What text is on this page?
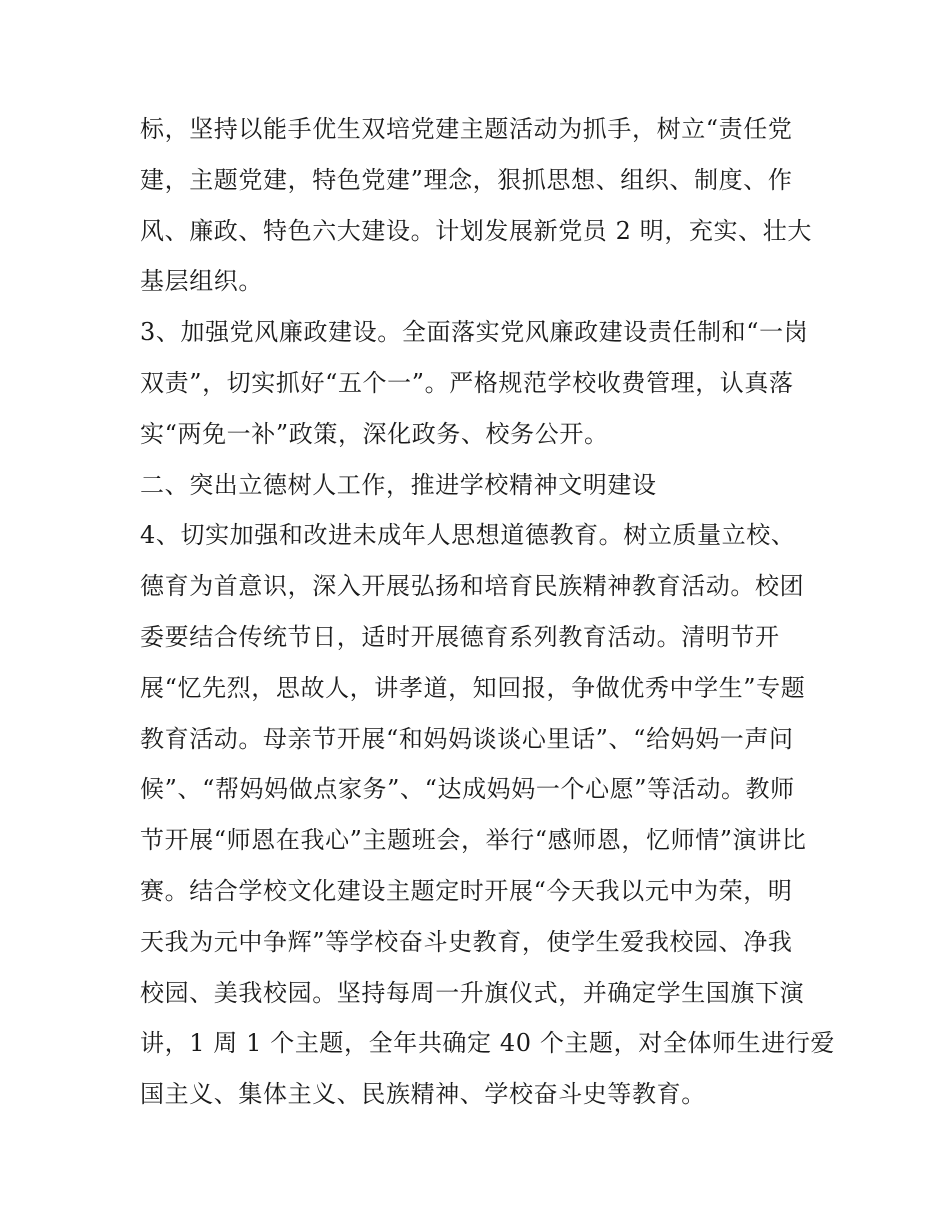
标，坚持以能手优生双培党建主题活动为抓手，树立“责任党
建，主题党建，特色党建”理念，狠抓思想、组织、制度、作
风、廉政、特色六大建设。计划发展新党员 2 明，充实、壮大
基层组织。
3、加强党风廉政建设。全面落实党风廉政建设责任制和“一岗
双责”，切实抓好“五个一”。严格规范学校收费管理，认真落
实“两免一补”政策，深化政务、校务公开。
二、突出立德树人工作，推进学校精神文明建设
4、切实加强和改进未成年人思想道德教育。树立质量立校、
德育为首意识，深入开展弘扬和培育民族精神教育活动。校团
委要结合传统节日，适时开展德育系列教育活动。清明节开
展“忆先烈，思故人，讲孝道，知回报，争做优秀中学生”专题
教育活动。母亲节开展“和妈妈谈谈心里话”、“给妈妈一声问
候”、“帮妈妈做点家务”、“达成妈妈一个心愿”等活动。教师
节开展“师恩在我心”主题班会，举行“感师恩，忆师情”演讲比
赛。结合学校文化建设主题定时开展“今天我以元中为荣，明
天我为元中争辉”等学校奋斗史教育，使学生爱我校园、净我
校园、美我校园。坚持每周一升旗仪式，并确定学生国旗下演
讲，1 周 1 个主题，全年共确定 40 个主题，对全体师生进行爱
国主义、集体主义、民族精神、学校奋斗史等教育。
